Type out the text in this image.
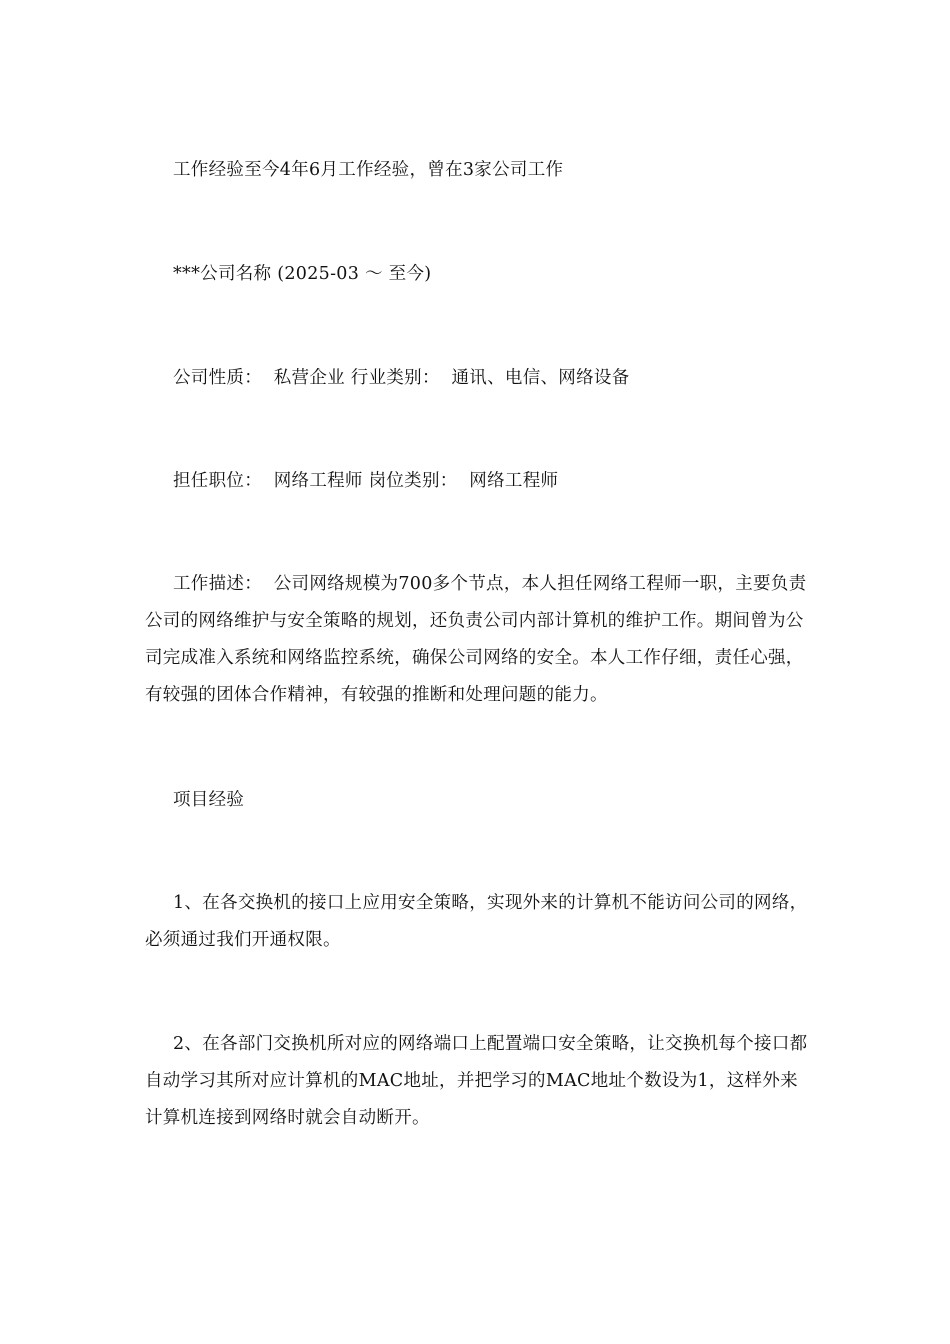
工作经验至今4年6月工作经验，曾在3家公司工作

***公司名称 (2025-03 ～ 至今)

公司性质：  私营企业 行业类别：  通讯、电信、网络设备

担任职位：  网络工程师 岗位类别：  网络工程师

工作描述：  公司网络规模为700多个节点，本人担任网络工程师一职，主要负责公司的网络维护与安全策略的规划，还负责公司内部计算机的维护工作。期间曾为公司完成准入系统和网络监控系统，确保公司网络的安全。本人工作仔细，责任心强，有较强的团体合作精神，有较强的推断和处理问题的能力。

项目经验

1、在各交换机的接口上应用安全策略，实现外来的计算机不能访问公司的网络，必须通过我们开通权限。

2、在各部门交换机所对应的网络端口上配置端口安全策略，让交换机每个接口都自动学习其所对应计算机的MAC地址，并把学习的MAC地址个数设为1，这样外来计算机连接到网络时就会自动断开。
